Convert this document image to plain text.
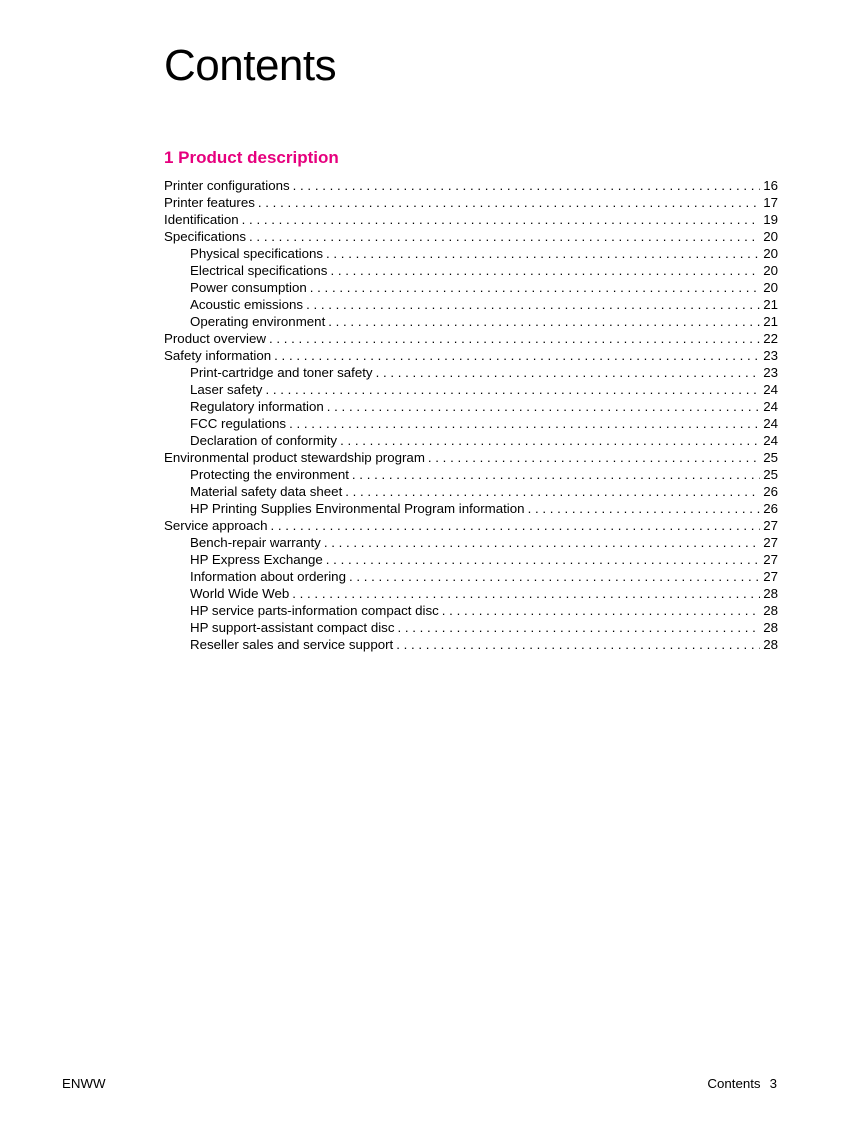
Contents
1 Product description
Printer configurations . . .	16
Printer features . . .	17
Identification . . .	19
Specifications . . .	20
Physical specifications . . .	20
Electrical specifications . . .	20
Power consumption . . .	20
Acoustic emissions . . .	21
Operating environment . . .	21
Product overview . . .	22
Safety information . . .	23
Print-cartridge and toner safety . . .	23
Laser safety . . .	24
Regulatory information . . .	24
FCC regulations . . .	24
Declaration of conformity . . .	24
Environmental product stewardship program . . .	25
Protecting the environment . . .	25
Material safety data sheet . . .	26
HP Printing Supplies Environmental Program information . . .	26
Service approach . . .	27
Bench-repair warranty . . .	27
HP Express Exchange . . .	27
Information about ordering . . .	27
World Wide Web . . .	28
HP service parts-information compact disc . . .	28
HP support-assistant compact disc . . .	28
Reseller sales and service support . . .	28
ENWW	Contents 3
